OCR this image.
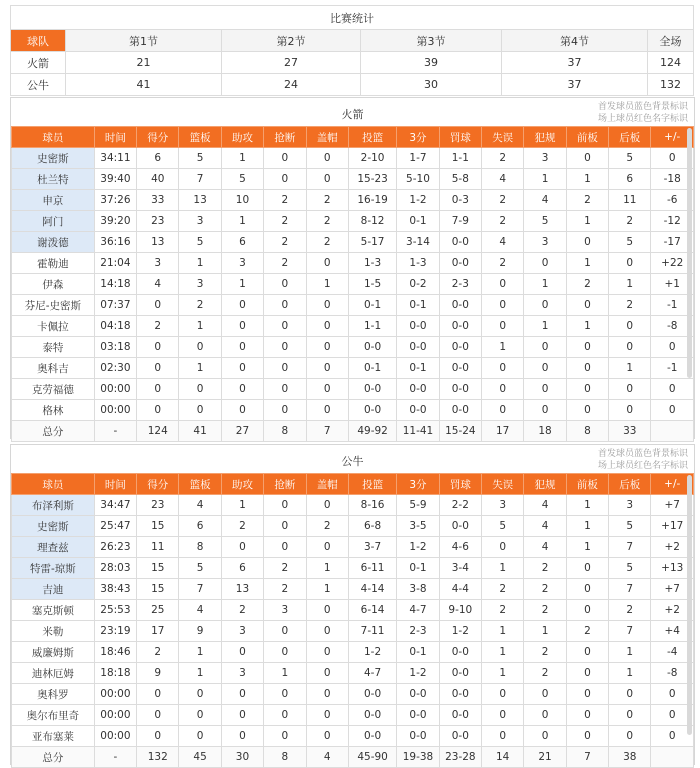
比赛统计					
球队	第1节	第2节	第3节	第4节	全场
火箭	21	27	39	37	124
公牛	41	24	30	37	132
火箭
首发球员蓝色背景标识
场上球员红色名字标识
球员	时间	得分	篮板	助攻	抢断	盖帽	投篮	3分	罚球	失误	犯规	前板	后板	+/-
史密斯	34:11	6	5	1	0	0	2-10	1-7	1-1	2	3	0	5	0
杜兰特	39:40	40	7	5	0	0	15-23	5-10	5-8	4	1	1	6	-18
申京	37:26	33	13	10	2	2	16-19	1-2	0-3	2	4	2	11	-6
阿门	39:20	23	3	1	2	2	8-12	0-1	7-9	2	5	1	2	-12
谢泼德	36:16	13	5	6	2	2	5-17	3-14	0-0	4	3	0	5	-17
霍勒迪	21:04	3	1	3	2	0	1-3	1-3	0-0	2	0	1	0	+22
伊森	14:18	4	3	1	0	1	1-5	0-2	2-3	0	1	2	1	+1
芬尼-史密斯	07:37	0	2	0	0	0	0-1	0-1	0-0	0	0	0	2	-1
卡佩拉	04:18	2	1	0	0	0	1-1	0-0	0-0	0	1	1	0	-8
泰特	03:18	0	0	0	0	0	0-0	0-0	0-0	1	0	0	0	0
奥科吉	02:30	0	1	0	0	0	0-1	0-1	0-0	0	0	0	1	-1
克劳福德	00:00	0	0	0	0	0	0-0	0-0	0-0	0	0	0	0	0
格林	00:00	0	0	0	0	0	0-0	0-0	0-0	0	0	0	0	0
总分	-	124	41	27	8	7	49-92	11-41	15-24	17	18	8	33	
公牛
首发球员蓝色背景标识
场上球员红色名字标识
球员	时间	得分	篮板	助攻	抢断	盖帽	投篮	3分	罚球	失误	犯规	前板	后板	+/-
布泽利斯	34:47	23	4	1	0	0	8-16	5-9	2-2	3	4	1	3	+7
史密斯	25:47	15	6	2	0	2	6-8	3-5	0-0	5	4	1	5	+17
理查兹	26:23	11	8	0	0	0	3-7	1-2	4-6	0	4	1	7	+2
特雷-琼斯	28:03	15	5	6	2	1	6-11	0-1	3-4	1	2	0	5	+13
吉迪	38:43	15	7	13	2	1	4-14	3-8	4-4	2	2	0	7	+7
塞克斯顿	25:53	25	4	2	3	0	6-14	4-7	9-10	2	2	0	2	+2
米勒	23:19	17	9	3	0	0	7-11	2-3	1-2	1	1	2	7	+4
威廉姆斯	18:46	2	1	0	0	0	1-2	0-1	0-0	1	2	0	1	-4
迪林厄姆	18:18	9	1	3	1	0	4-7	1-2	0-0	1	2	0	1	-8
奥科罗	00:00	0	0	0	0	0	0-0	0-0	0-0	0	0	0	0	0
奥尔布里奇	00:00	0	0	0	0	0	0-0	0-0	0-0	0	0	0	0	0
亚布塞莱	00:00	0	0	0	0	0	0-0	0-0	0-0	0	0	0	0	0
总分	-	132	45	30	8	4	45-90	19-38	23-28	14	21	7	38	
